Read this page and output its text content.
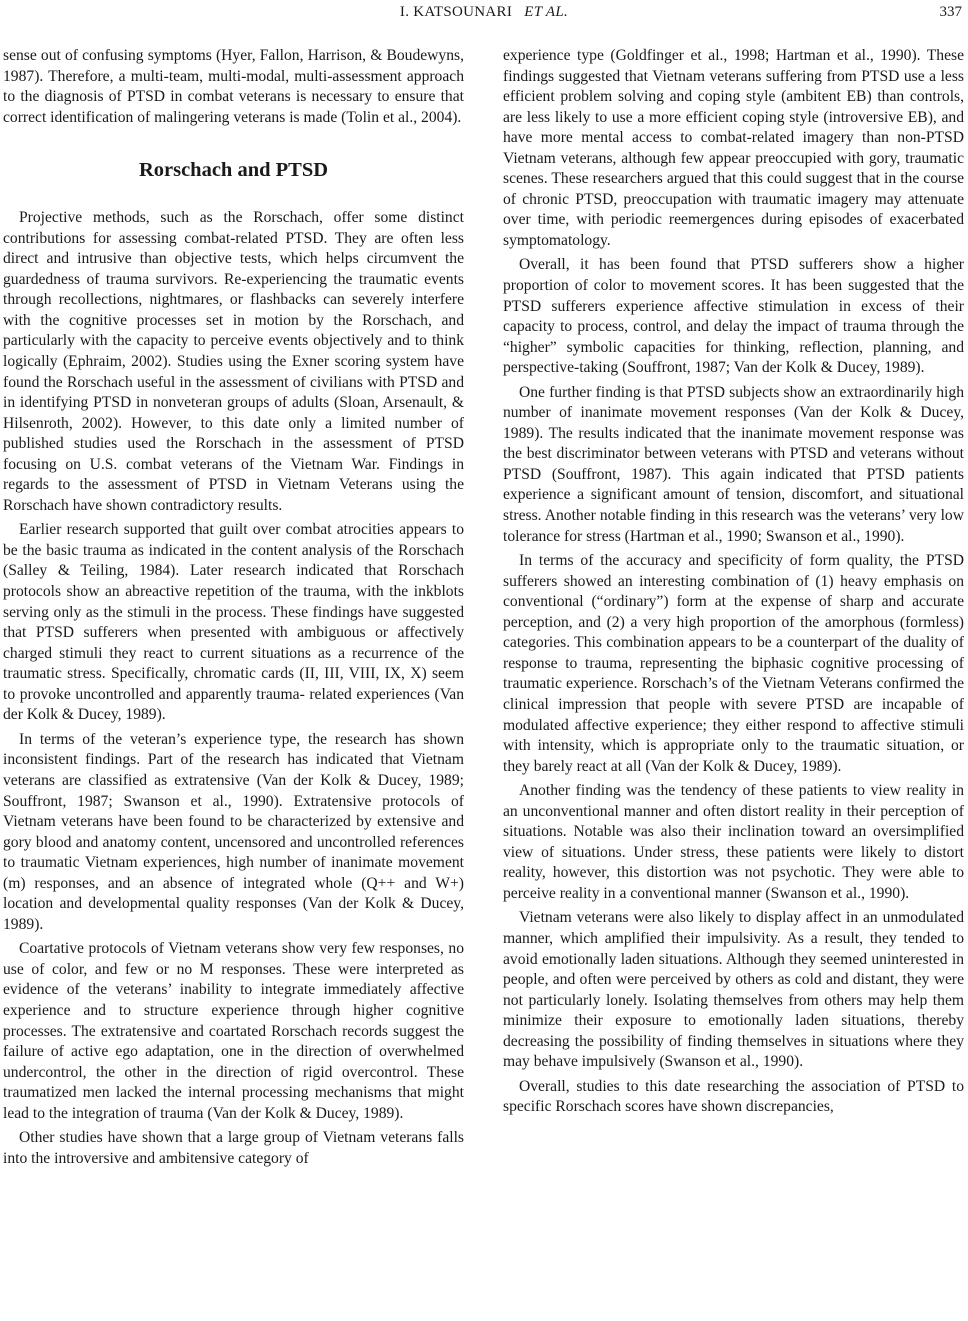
I. KATSOUNARI ET AL.	337

sense out of confusing symptoms (Hyer, Fallon, Harrison, & Boudewyns, 1987). Therefore, a multi-team, multi-modal, multi-assessment approach to the diagnosis of PTSD in combat veterans is necessary to ensure that correct identification of malingering veterans is made (Tolin et al., 2004).

Rorschach and PTSD

Projective methods, such as the Rorschach, offer some distinct contributions for assessing combat-related PTSD. They are often less direct and intrusive than objective tests, which helps circumvent the guardedness of trauma survivors. Re-experiencing the traumatic events through recollections, nightmares, or flashbacks can severely interfere with the cognitive processes set in motion by the Rorschach, and particularly with the capacity to perceive events objectively and to think logically (Ephraim, 2002). Studies using the Exner scoring system have found the Rorschach useful in the assessment of civilians with PTSD and in identifying PTSD in nonveteran groups of adults (Sloan, Arsenault, & Hilsenroth, 2002). However, to this date only a limited number of published studies used the Rorschach in the assessment of PTSD focusing on U.S. combat veterans of the Vietnam War. Findings in regards to the assessment of PTSD in Vietnam Veterans using the Rorschach have shown contradictory results.

Earlier research supported that guilt over combat atrocities appears to be the basic trauma as indicated in the content analysis of the Rorschach (Salley & Teiling, 1984). Later research indicated that Rorschach protocols show an abreactive repetition of the trauma, with the inkblots serving only as the stimuli in the process. These findings have suggested that PTSD sufferers when presented with ambiguous or affectively charged stimuli they react to current situations as a recurrence of the traumatic stress. Specifically, chromatic cards (II, III, VIII, IX, X) seem to provoke uncontrolled and apparently trauma- related experiences (Van der Kolk & Ducey, 1989).

In terms of the veteran’s experience type, the research has shown inconsistent findings. Part of the research has indicated that Vietnam veterans are classified as extratensive (Van der Kolk & Ducey, 1989; Souffront, 1987; Swanson et al., 1990). Extratensive protocols of Vietnam veterans have been found to be characterized by extensive and gory blood and anatomy content, uncensored and uncontrolled references to traumatic Vietnam experiences, high number of inanimate movement (m) responses, and an absence of integrated whole (Q++ and W+) location and developmental quality responses (Van der Kolk & Ducey, 1989).

Coartative protocols of Vietnam veterans show very few responses, no use of color, and few or no M responses. These were interpreted as evidence of the veterans’ inability to integrate immediately affective experience and to structure experience through higher cognitive processes. The extratensive and coartated Rorschach records suggest the failure of active ego adaptation, one in the direction of overwhelmed undercontrol, the other in the direction of rigid overcontrol. These traumatized men lacked the internal processing mechanisms that might lead to the integration of trauma (Van der Kolk & Ducey, 1989).

Other studies have shown that a large group of Vietnam veterans falls into the introversive and ambitensive category of

experience type (Goldfinger et al., 1998; Hartman et al., 1990). These findings suggested that Vietnam veterans suffering from PTSD use a less efficient problem solving and coping style (ambitent EB) than controls, are less likely to use a more efficient coping style (introversive EB), and have more mental access to combat-related imagery than non-PTSD Vietnam veterans, although few appear preoccupied with gory, traumatic scenes. These researchers argued that this could suggest that in the course of chronic PTSD, preoccupation with traumatic imagery may attenuate over time, with periodic reemergences during episodes of exacerbated symptomatology.

Overall, it has been found that PTSD sufferers show a higher proportion of color to movement scores. It has been suggested that the PTSD sufferers experience affective stimulation in excess of their capacity to process, control, and delay the impact of trauma through the “higher” symbolic capacities for thinking, reflection, planning, and perspective-taking (Souffront, 1987; Van der Kolk & Ducey, 1989).

One further finding is that PTSD subjects show an extraordinarily high number of inanimate movement responses (Van der Kolk & Ducey, 1989). The results indicated that the inanimate movement response was the best discriminator between veterans with PTSD and veterans without PTSD (Souffront, 1987). This again indicated that PTSD patients experience a significant amount of tension, discomfort, and situational stress. Another notable finding in this research was the veterans’ very low tolerance for stress (Hartman et al., 1990; Swanson et al., 1990).

In terms of the accuracy and specificity of form quality, the PTSD sufferers showed an interesting combination of (1) heavy emphasis on conventional (“ordinary”) form at the expense of sharp and accurate perception, and (2) a very high proportion of the amorphous (formless) categories. This combination appears to be a counterpart of the duality of response to trauma, representing the biphasic cognitive processing of traumatic experience. Rorschach’s of the Vietnam Veterans confirmed the clinical impression that people with severe PTSD are incapable of modulated affective experience; they either respond to affective stimuli with intensity, which is appropriate only to the traumatic situation, or they barely react at all (Van der Kolk & Ducey, 1989).

Another finding was the tendency of these patients to view reality in an unconventional manner and often distort reality in their perception of situations. Notable was also their inclination toward an oversimplified view of situations. Under stress, these patients were likely to distort reality, however, this distortion was not psychotic. They were able to perceive reality in a conventional manner (Swanson et al., 1990).

Vietnam veterans were also likely to display affect in an unmodulated manner, which amplified their impulsivity. As a result, they tended to avoid emotionally laden situations. Although they seemed uninterested in people, and often were perceived by others as cold and distant, they were not particularly lonely. Isolating themselves from others may help them minimize their exposure to emotionally laden situations, thereby decreasing the possibility of finding themselves in situations where they may behave impulsively (Swanson et al., 1990).

Overall, studies to this date researching the association of PTSD to specific Rorschach scores have shown discrepancies,
